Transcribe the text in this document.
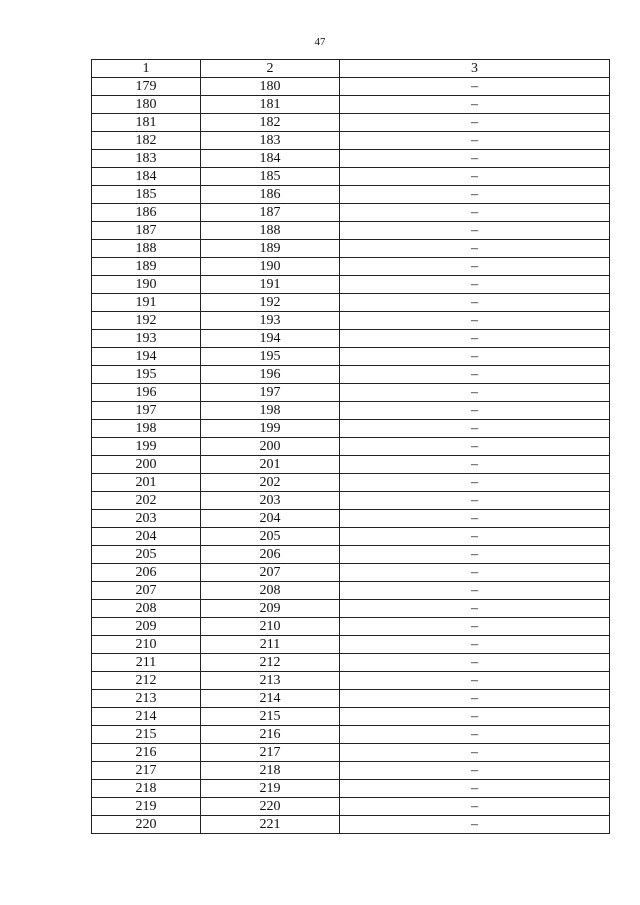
47
1	2	3
179	180	–
180	181	–
181	182	–
182	183	–
183	184	–
184	185	–
185	186	–
186	187	–
187	188	–
188	189	–
189	190	–
190	191	–
191	192	–
192	193	–
193	194	–
194	195	–
195	196	–
196	197	–
197	198	–
198	199	–
199	200	–
200	201	–
201	202	–
202	203	–
203	204	–
204	205	–
205	206	–
206	207	–
207	208	–
208	209	–
209	210	–
210	211	–
211	212	–
212	213	–
213	214	–
214	215	–
215	216	–
216	217	–
217	218	–
218	219	–
219	220	–
220	221	–
